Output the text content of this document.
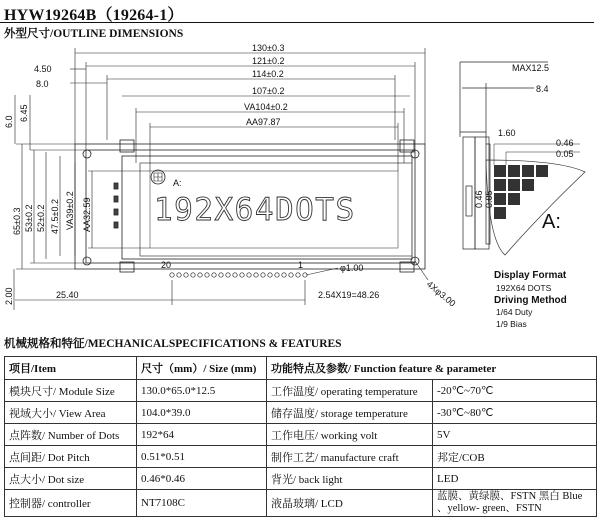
HYW19264B（19264-1）
外型尺寸/OUTLINE DIMENSIONS
192X64DOTS
A:
130±0.3
121±0.2
114±0.2
107±0.2
VA104±0.2
AA97.87
4.50
8.0
6.0 6.45
65±0.3 53±0.2 52±0.2 47.5±0.2 VA39±0.2 AA32.59
20	1	φ1.00
4Xφ3.00
2.00	25.40	2.54X19=48.26
MAX12.5
8.4
1.60
0.46
0.05
0.46 0.05
A:
Display Format
192X64 DOTS
Driving Method
1/64 Duty
1/9 Bias
机械规格和特征/MECHANICALSPECIFICATIONS & FEATURES
项目/Item	尺寸（mm）/ Size (mm)	功能特点及参数/ Function feature & parameter	
模块尺寸/ Module Size	130.0*65.0*12.5	工作温度/ operating temperature	-20℃~70℃
视域大小/ View Area	104.0*39.0	储存温度/ storage temperature	-30℃~80℃
点阵数/ Number of Dots	192*64	工作电压/ working volt	5V
点间距/ Dot Pitch	0.51*0.51	制作工艺/ manufacture craft	邦定/COB
点大小/ Dot size	0.46*0.46	背光/ back light	LED
控制器/ controller	NT7108C	液晶玻璃/ LCD	蓝膜、黄绿膜、FSTN 黑白 Blue 、yellow- green、FSTN
